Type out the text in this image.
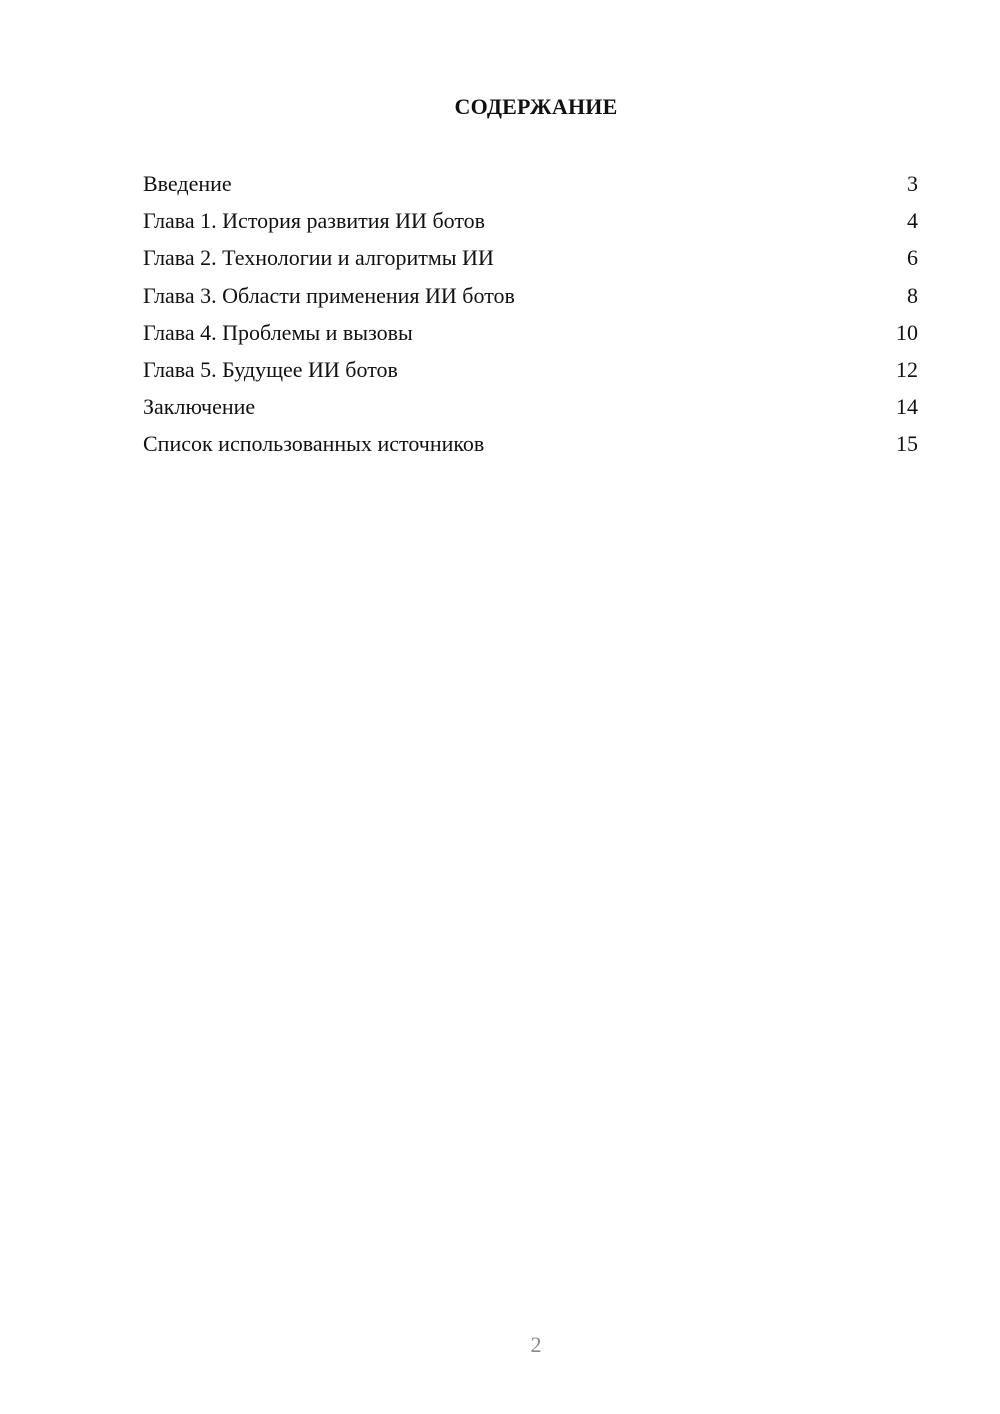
СОДЕРЖАНИЕ
Введение	3
Глава 1. История развития ИИ ботов	4
Глава 2. Технологии и алгоритмы ИИ	6
Глава 3. Области применения ИИ ботов	8
Глава 4. Проблемы и вызовы	10
Глава 5. Будущее ИИ ботов	12
Заключение	14
Список использованных источников	15
2
